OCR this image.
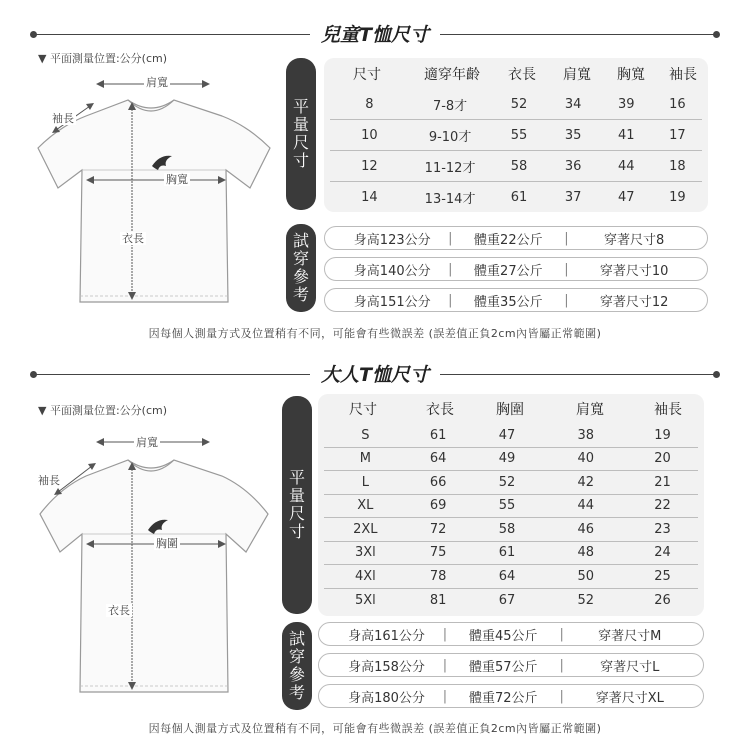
兒童T恤尺寸
▼ 平面測量位置:公分(cm)
肩寬
袖長
胸寬
衣長
平
量
尺
寸
尺寸	適穿年齡	衣長	肩寬	胸寬	袖長
8	7-8才	52	34	39	16
10	9-10才	55	35	41	17
12	11-12才	58	36	44	18
14	13-14才	61	37	47	19
試
穿
參
考
身高123公分	|	體重22公斤	|	穿著尺寸8
身高140公分	|	體重27公斤	|	穿著尺寸10
身高151公分	|	體重35公斤	|	穿著尺寸12
因每個人測量方式及位置稍有不同，可能會有些微誤差 (誤差值正負2cm內皆屬正常範圍)
大人T恤尺寸
▼ 平面測量位置:公分(cm)
肩寬
袖長
胸圍
衣長
平
量
尺
寸
尺寸	衣長	胸圍	肩寬	袖長
S	61	47	38	19
M	64	49	40	20
L	66	52	42	21
XL	69	55	44	22
2XL	72	58	46	23
3Xl	75	61	48	24
4Xl	78	64	50	25
5Xl	81	67	52	26
試
穿
參
考
身高161公分	|	體重45公斤	|	穿著尺寸M
身高158公分	|	體重57公斤	|	穿著尺寸L
身高180公分	|	體重72公斤	|	穿著尺寸XL
因每個人測量方式及位置稍有不同，可能會有些微誤差 (誤差值正負2cm內皆屬正常範圍)
